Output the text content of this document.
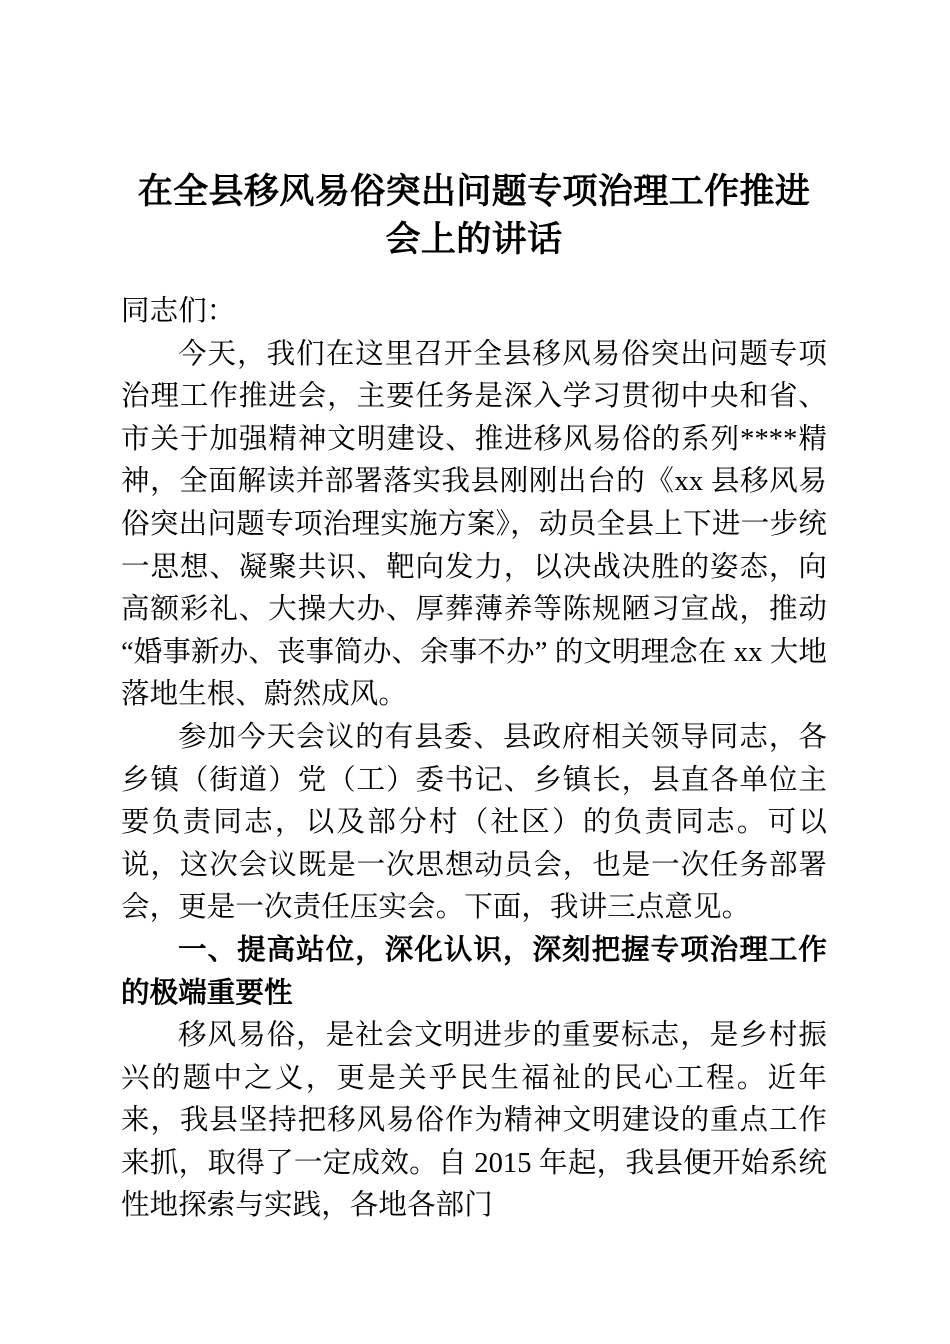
在全县移风易俗突出问题专项治理工作推进会上的讲话

同志们：

今天，我们在这里召开全县移风易俗突出问题专项治理工作推进会，主要任务是深入学习贯彻中央和省、市关于加强精神文明建设、推进移风易俗的系列****精神，全面解读并部署落实我县刚刚出台的《xx 县移风易俗突出问题专项治理实施方案》，动员全县上下进一步统一思想、凝聚共识、靶向发力，以决战决胜的姿态，向高额彩礼、大操大办、厚葬薄养等陈规陋习宣战，推动 “婚事新办、丧事简办、余事不办” 的文明理念在 xx 大地落地生根、蔚然成风。

参加今天会议的有县委、县政府相关领导同志，各乡镇（街道）党（工）委书记、乡镇长，县直各单位主要负责同志，以及部分村（社区）的负责同志。可以说，这次会议既是一次思想动员会，也是一次任务部署会，更是一次责任压实会。下面，我讲三点意见。

一、提高站位，深化认识，深刻把握专项治理工作的极端重要性

移风易俗，是社会文明进步的重要标志，是乡村振兴的题中之义，更是关乎民生福祉的民心工程。近年来，我县坚持把移风易俗作为精神文明建设的重点工作来抓，取得了一定成效。自 2015 年起，我县便开始系统性地探索与实践，各地各部门
